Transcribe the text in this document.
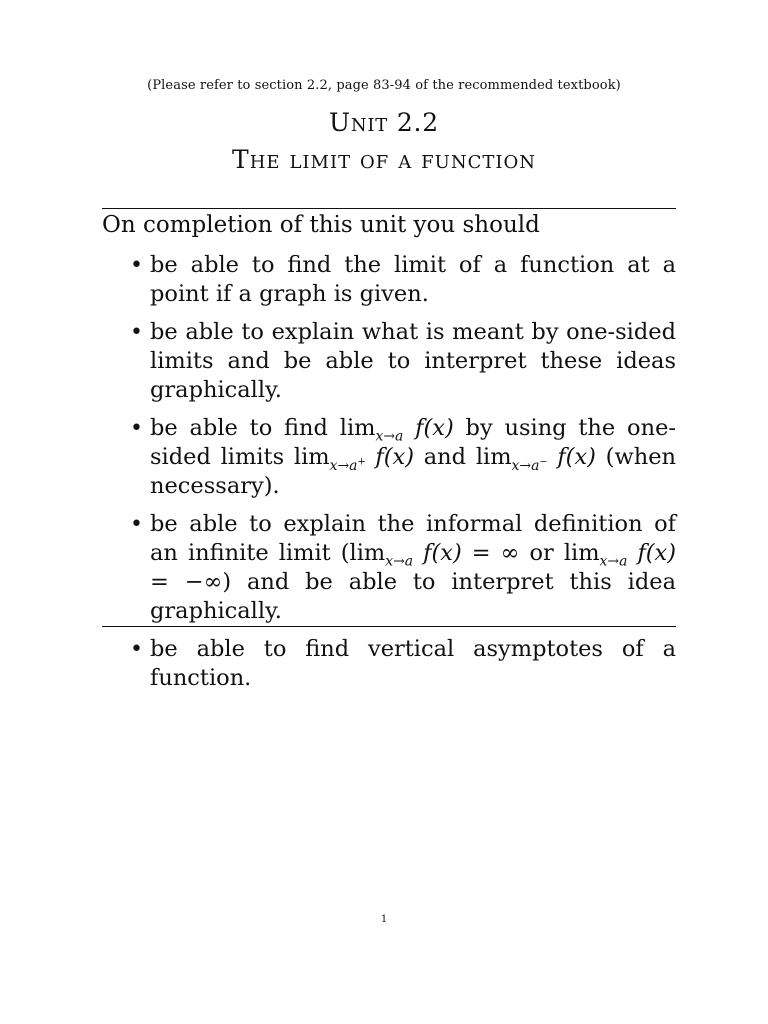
(Please refer to section 2.2, page 83-94 of the recommended textbook)
Unit 2.2
The limit of a function
On completion of this unit you should
• be able to find the limit of a function at a point if a graph is given.
• be able to explain what is meant by one-sided limits and be able to interpret these ideas graphically.
• be able to find $\lim_{x\to a} f(x)$ by using the one-sided limits $\lim_{x\to a^+} f(x)$ and $\lim_{x\to a^-} f(x)$ (when necessary).
• be able to explain the informal definition of an infinite limit ($\lim_{x\to a}$ f(x) = ∞ or $\lim_{x\to a} f(x)$ = −∞) and be able to interpret this idea graphically.
• be able to find vertical asymptotes of a function.
1
